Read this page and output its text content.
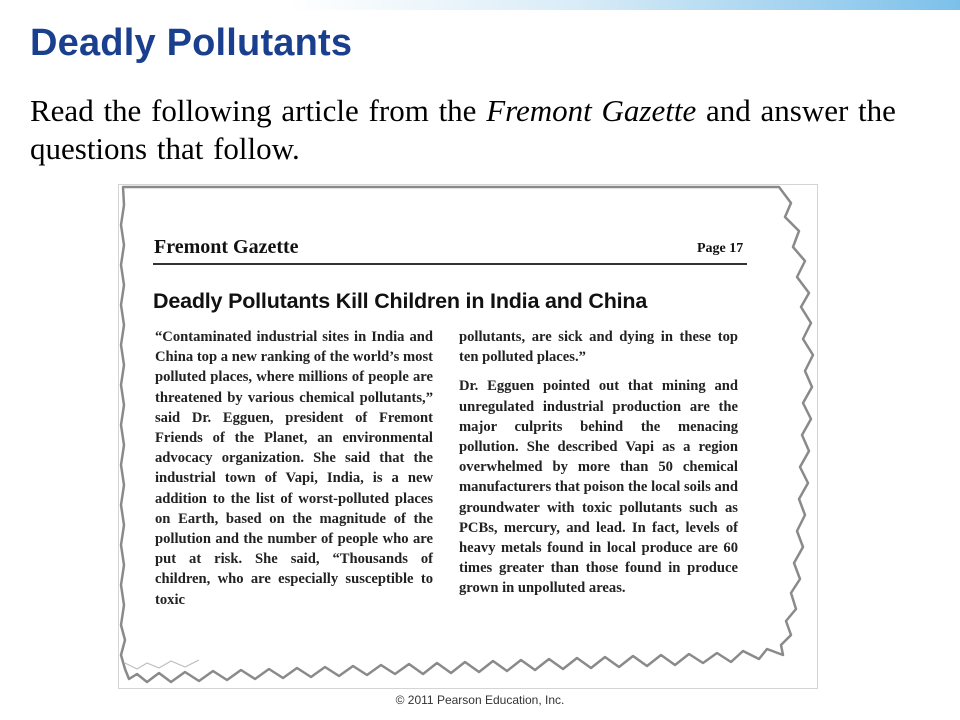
Deadly Pollutants
Read the following article from the Fremont Gazette and answer the questions that follow.
Fremont Gazette	Page 17
Deadly Pollutants Kill Children in India and China

“Contaminated industrial sites in India and China top a new ranking of the world’s most polluted places, where millions of people are threatened by various chemical pollutants,” said Dr. Egguen, president of Fremont Friends of the Planet, an environmental advocacy organization. She said that the industrial town of Vapi, India, is a new addition to the list of worst-polluted places on Earth, based on the magnitude of the pollution and the number of people who are put at risk. She said, “Thousands of children, who are especially susceptible to toxic

pollutants, are sick and dying in these top ten polluted places.”

Dr. Egguen pointed out that mining and unregulated industrial production are the major culprits behind the menacing pollution. She described Vapi as a region overwhelmed by more than 50 chemical manufacturers that poison the local soils and groundwater with toxic pollutants such as PCBs, mercury, and lead. In fact, levels of heavy metals found in local produce are 60 times greater than those found in produce grown in unpolluted areas.

© 2011 Pearson Education, Inc.
